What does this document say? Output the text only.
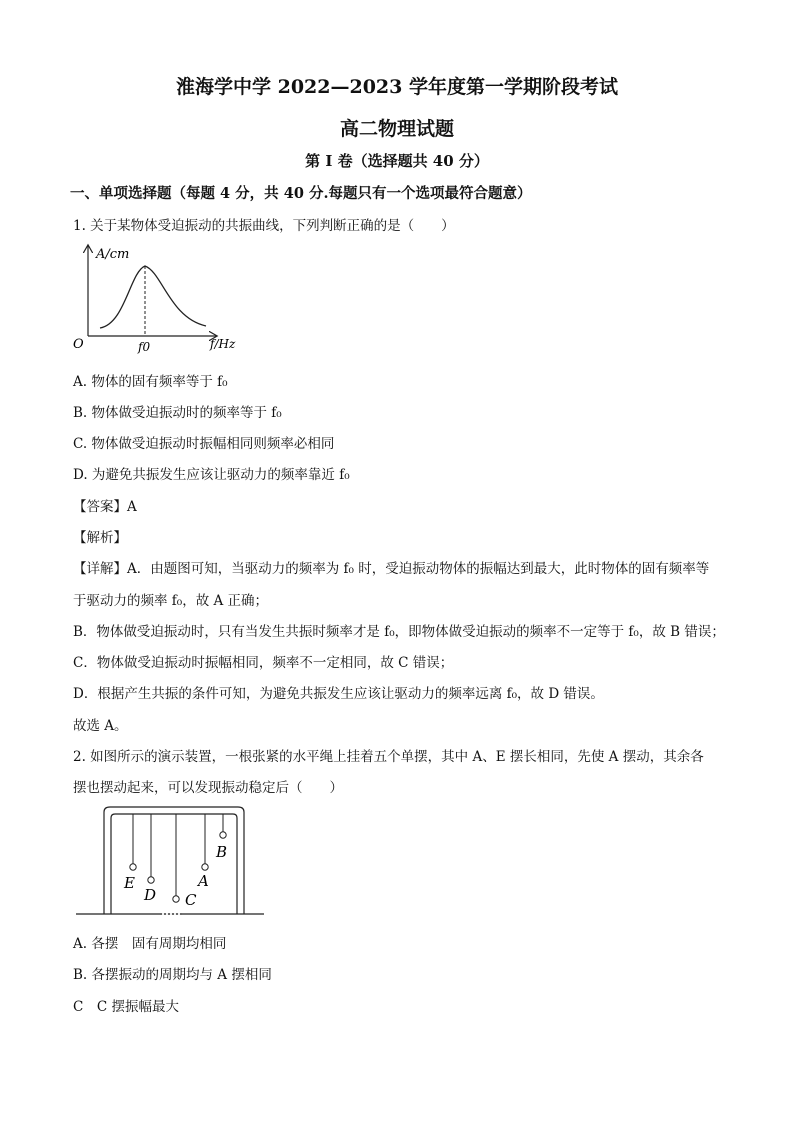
淮海学中学 2022—2023 学年度第一学期阶段考试
高二物理试题
第 I 卷（选择题共 40 分）
一、单项选择题（每题 4 分，共 40 分.每题只有一个选项最符合题意）
1. 关于某物体受迫振动的共振曲线，下列判断正确的是（　　）
A/cm
O	f0	f/Hz
A. 物体的固有频率等于 f₀
B. 物体做受迫振动时的频率等于 f₀
C. 物体做受迫振动时振幅相同则频率必相同
D. 为避免共振发生应该让驱动力的频率靠近 f₀
【答案】A
【解析】
【详解】A．由题图可知，当驱动力的频率为 f₀ 时，受迫振动物体的振幅达到最大，此时物体的固有频率等
于驱动力的频率 f₀，故 A 正确；
B．物体做受迫振动时，只有当发生共振时频率才是 f₀，即物体做受迫振动的频率不一定等于 f₀，故 B 错误；
C．物体做受迫振动时振幅相同，频率不一定相同，故 C 错误；
D．根据产生共振的条件可知，为避免共振发生应该让驱动力的频率远离 f₀，故 D 错误。
故选 A。
2. 如图所示的演示装置，一根张紧的水平绳上挂着五个单摆，其中 A、E 摆长相同，先使 A 摆动，其余各
摆也摆动起来，可以发现振动稳定后（　　）
E
D C
A
B
A. 各摆　固有周期均相同
B. 各摆振动的周期均与 A 摆相同
C　C 摆振幅最大
